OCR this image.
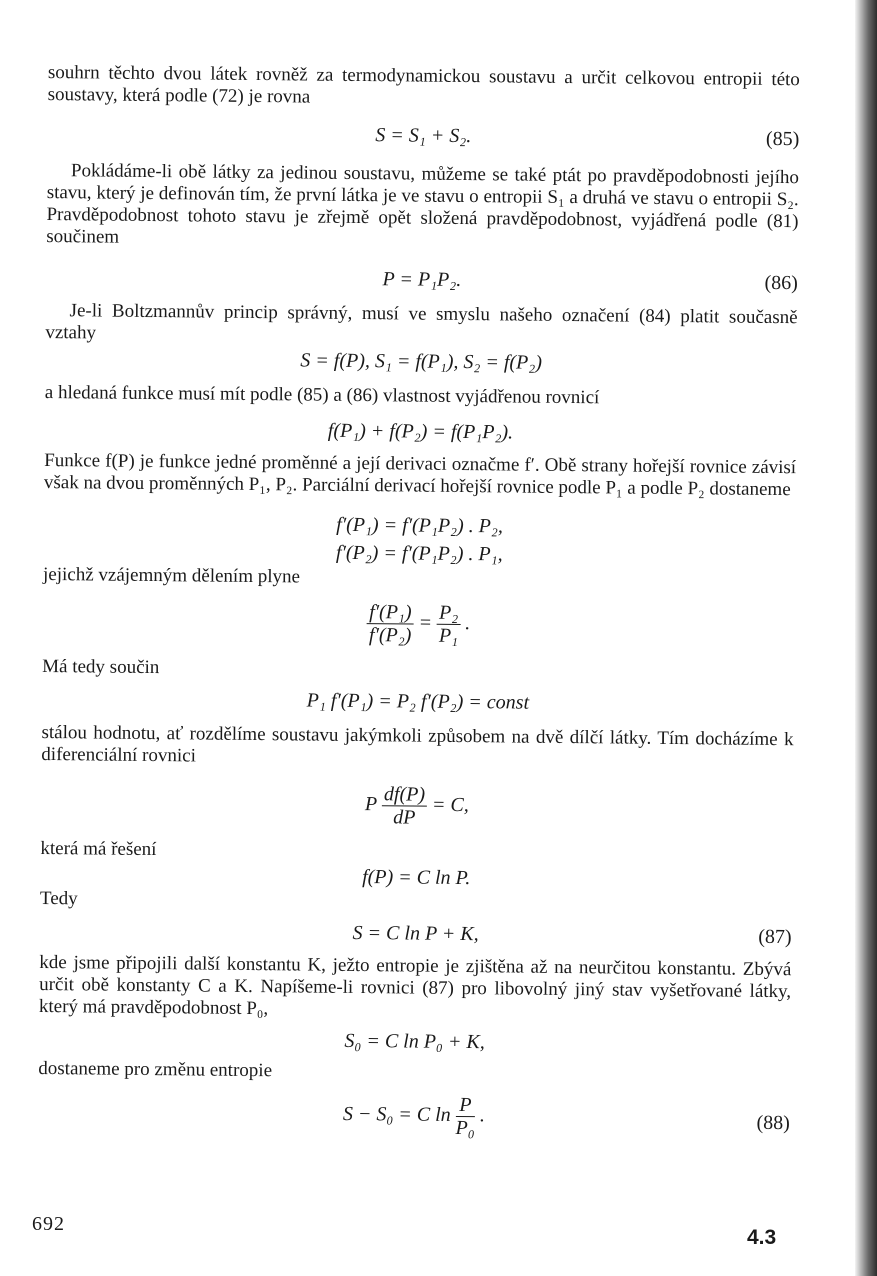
souhrn těchto dvou látek rovněž za termodynamickou soustavu a určit celkovou entropii této soustavy, která podle (72) je rovna

S = S₁ + S₂.	(85)

Pokládáme-li obě látky za jedinou soustavu, můžeme se také ptát po pravděpodobnosti jejího stavu, který je definován tím, že první látka je ve stavu o entropii S₁ a druhá ve stavu o entropii S₂. Pravděpodobnost tohoto stavu je zřejmě opět složená pravděpodobnost, vyjádřená podle (81) součinem

P = P₁P₂.	(86)

Je-li Boltzmannův princip správný, musí ve smyslu našeho označení (84) platit současně vztahy

S = f(P), S₁ = f(P₁), S₂ = f(P₂)

a hledaná funkce musí mít podle (85) a (86) vlastnost vyjádřenou rovnicí

f(P₁) + f(P₂) = f(P₁P₂).

Funkce f(P) je funkce jedné proměnné a její derivaci označme f′. Obě strany hořejší rovnice závisí však na dvou proměnných P₁, P₂. Parciální derivací hořejší rovnice podle P₁ a podle P₂ dostaneme

f′(P₁) = f′(P₁P₂) . P₂,
f′(P₂) = f′(P₁P₂) . P₁,

jejichž vzájemným dělením plyne

$\frac{\text{f′(P₁)}}{\text{f′(P₂)}} = \frac{\text{P₂}}{\text{P₁}}$ .

Má tedy součin

P₁ f′(P₁) = P₂ f′(P₂) = const

stálou hodnotu, ať rozdělíme soustavu jakýmkoli způsobem na dvě dílčí látky. Tím docházíme k diferenciální rovnici

P $\frac{df(P)}{dP} = C$,

která má řešení

f(P) = C ln P.

Tedy

S = C ln P + K,	(87)

kde jsme připojili další konstantu K, ježto entropie je zjištěna až na neurčitou konstantu. Zbývá určit obě konstanty C a K. Napíšeme-li rovnici (87) pro libovolný jiný stav vyšetřované látky, který má pravděpodobnost P₀,

S₀ = C ln P₀ + K,

dostaneme pro změnu entropie

S − S₀ = C $\ln \frac{P}{\text{P₀}}$ .	(88)
692
4.3
